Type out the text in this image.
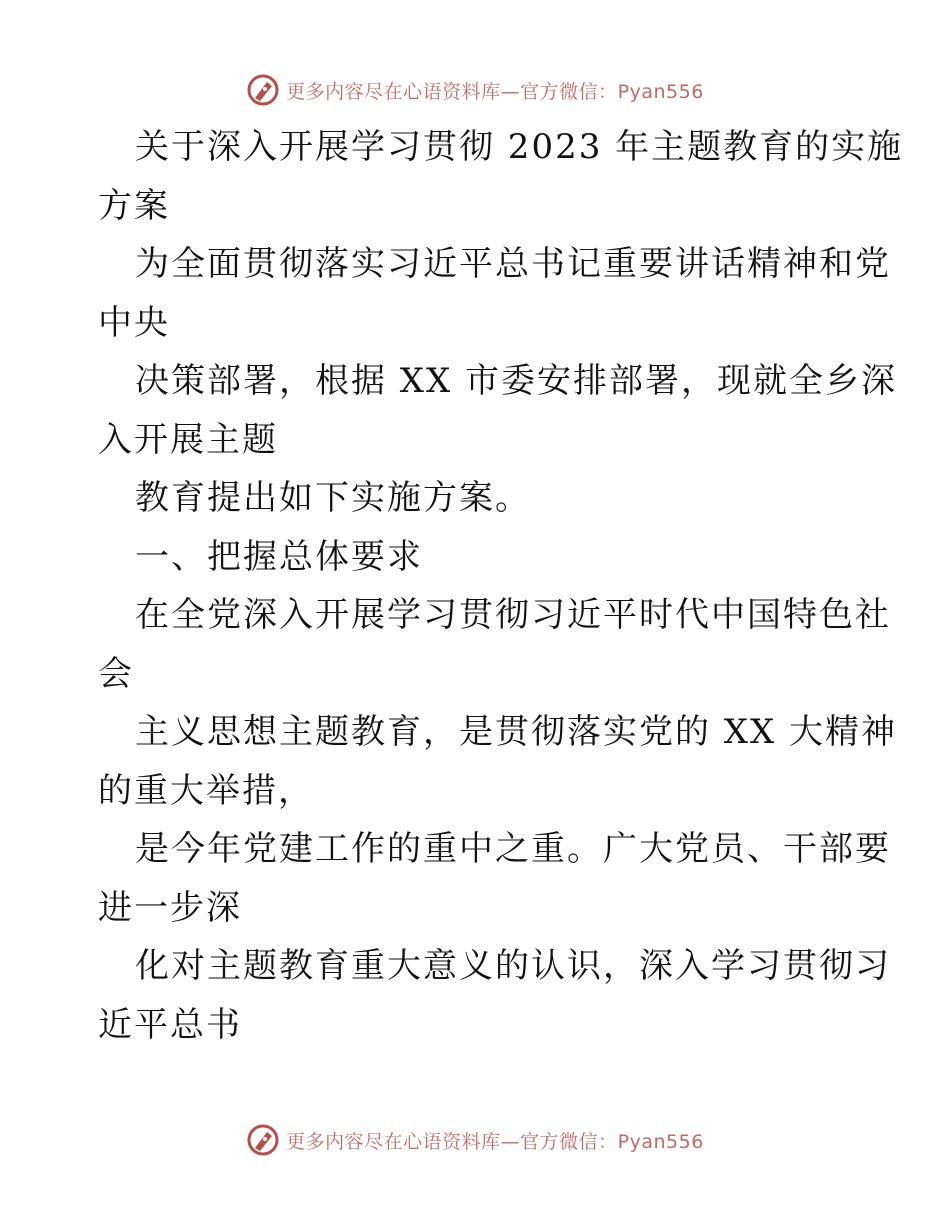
更多内容尽在心语资料库—官方微信：Pyan556
关于深入开展学习贯彻 2023 年主题教育的实施
方案
为全面贯彻落实习近平总书记重要讲话精神和党
中央
决策部署，根据 XX 市委安排部署，现就全乡深
入开展主题
教育提出如下实施方案。
一、把握总体要求
在全党深入开展学习贯彻习近平时代中国特色社
会
主义思想主题教育，是贯彻落实党的 XX 大精神
的重大举措，
是今年党建工作的重中之重。广大党员、干部要
进一步深
化对主题教育重大意义的认识，深入学习贯彻习
近平总书
更多内容尽在心语资料库—官方微信：Pyan556
